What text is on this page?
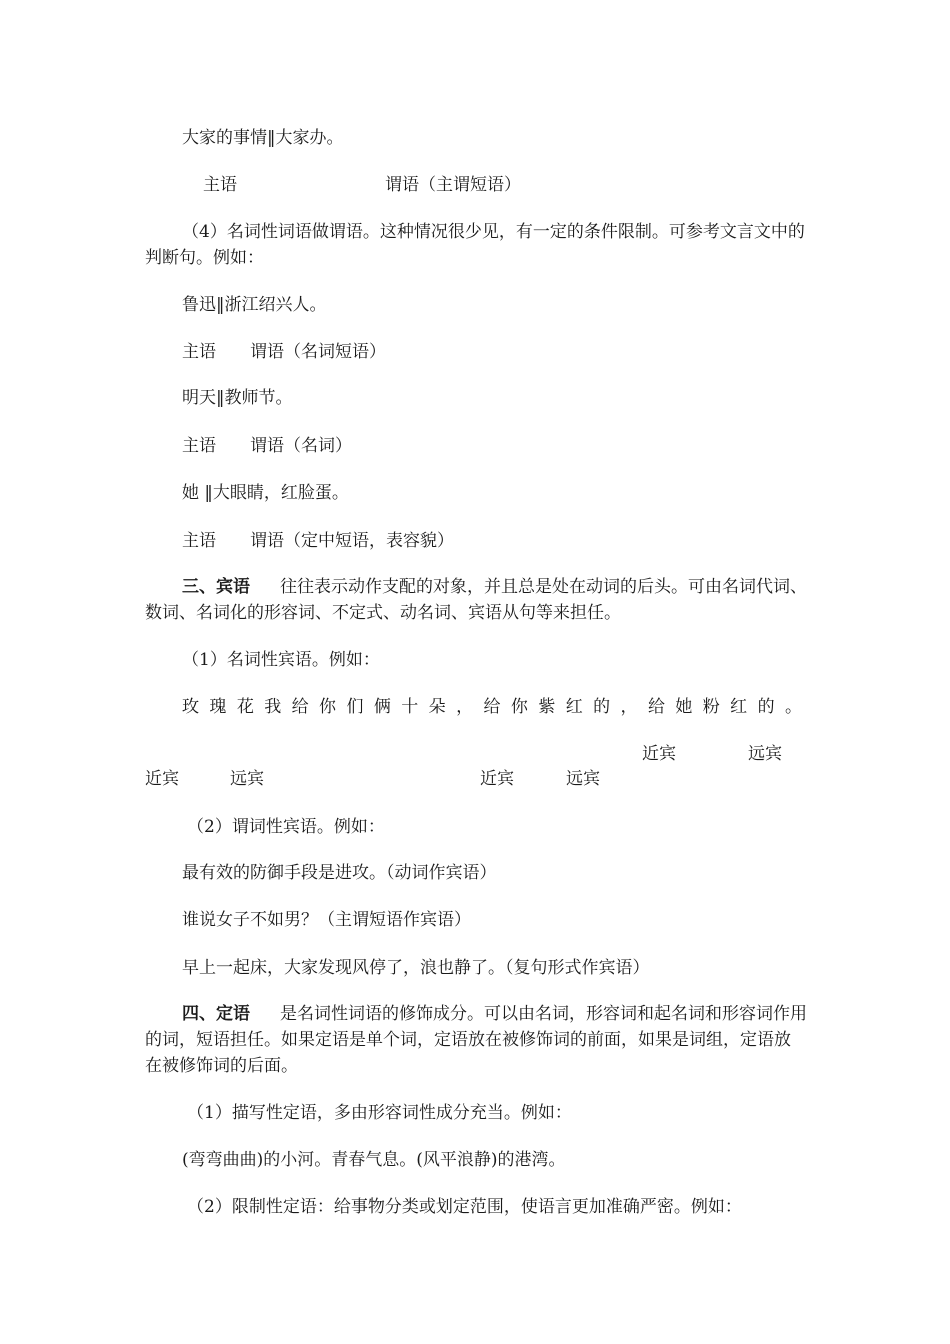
大家的事情‖大家办。
主语	谓语（主谓短语）
（4）名词性词语做谓语。这种情况很少见，有一定的条件限制。可参考文言文中的判断句。例如：
鲁迅‖浙江绍兴人。
主语 谓语（名词短语）
明天‖教师节。
主语 谓语（名词）
她 ‖大眼睛，红脸蛋。
主语 谓语（定中短语，表容貌）
三、宾语 往往表示动作支配的对象，并且总是处在动词的后头。可由名词代词、数词、名词化的形容词、不定式、动名词、宾语从句等来担任。
（1）名词性宾语。例如：
玫瑰花我给你们俩十朵，给你紫红的，给她粉红的。
近宾	远宾
近宾	远宾	近宾	远宾
（2）谓词性宾语。例如：
最有效的防御手段是进攻。（动词作宾语）
谁说女子不如男？（主谓短语作宾语）
早上一起床，大家发现风停了，浪也静了。（复句形式作宾语）
四、定语 是名词性词语的修饰成分。可以由名词，形容词和起名词和形容词作用的词，短语担任。如果定语是单个词，定语放在被修饰词的前面，如果是词组，定语放在被修饰词的后面。
（1）描写性定语，多由形容词性成分充当。例如：
(弯弯曲曲)的小河。青春气息。(风平浪静)的港湾。
（2）限制性定语：给事物分类或划定范围，使语言更加准确严密。例如：
